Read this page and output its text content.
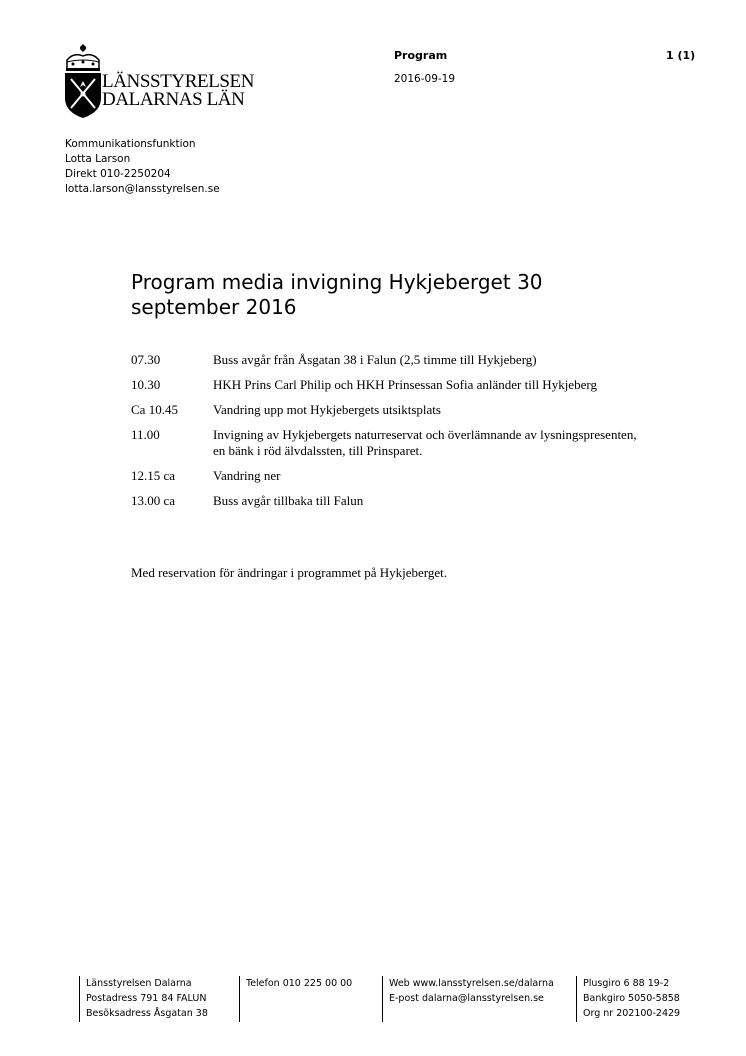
LÄNSSTYRELSEN
DALARNAS LÄN
Program	1 (1)
2016-09-19
Kommunikationsfunktion
Lotta Larson
Direkt 010-2250204
lotta.larson@lansstyrelsen.se
Program media invigning Hykjeberget 30 september 2016
07.30	Buss avgår från Åsgatan 38 i Falun (2,5 timme till Hykjeberg)
10.30	HKH Prins Carl Philip och HKH Prinsessan Sofia anländer till Hykjeberg
Ca 10.45	Vandring upp mot Hykjebergets utsiktsplats
11.00	Invigning av Hykjebergets naturreservat och överlämnande av lysningspresenten, en bänk i röd älvdalssten, till Prinsparet.
12.15 ca	Vandring ner
13.00 ca	Buss avgår tillbaka till Falun
Med reservation för ändringar i programmet på Hykjeberget.
Länsstyrelsen Dalarna
Postadress 791 84 FALUN
Besöksadress Åsgatan 38
Telefon 010 225 00 00	Web www.lansstyrelsen.se/dalarna
E-post dalarna@lansstyrelsen.se
Plusgiro 6 88 19-2
Bankgiro 5050-5858
Org nr 202100-2429
